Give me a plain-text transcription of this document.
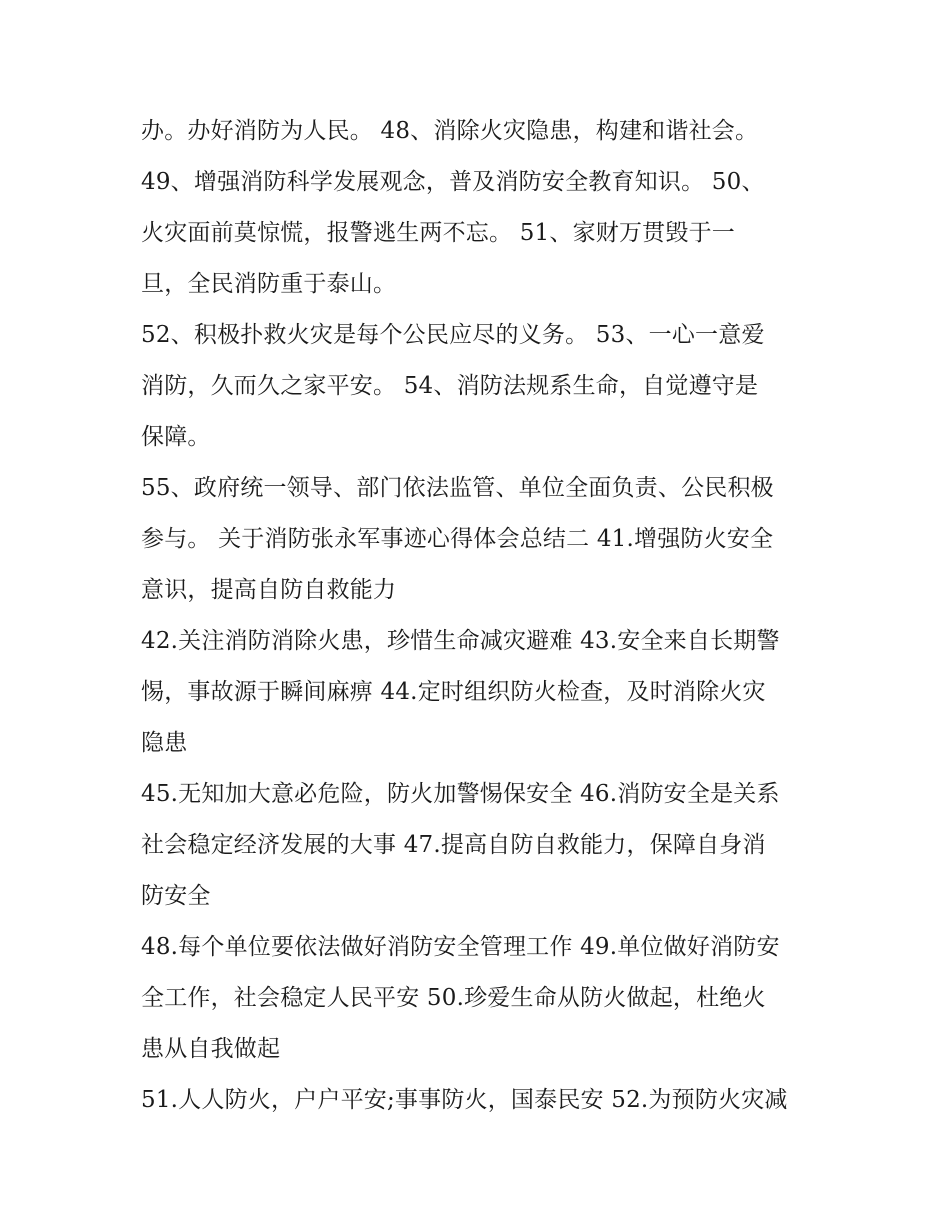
办。办好消防为人民。 48、消除火灾隐患，构建和谐社会。
49、增强消防科学发展观念，普及消防安全教育知识。 50、
火灾面前莫惊慌，报警逃生两不忘。 51、家财万贯毁于一
旦，全民消防重于泰山。
52、积极扑救火灾是每个公民应尽的义务。 53、一心一意爱
消防，久而久之家平安。 54、消防法规系生命，自觉遵守是
保障。
55、政府统一领导、部门依法监管、单位全面负责、公民积极
参与。 关于消防张永军事迹心得体会总结二 41.增强防火安全
意识，提高自防自救能力
42.关注消防消除火患，珍惜生命减灾避难 43.安全来自长期警
惕，事故源于瞬间麻痹 44.定时组织防火检查，及时消除火灾
隐患
45.无知加大意必危险，防火加警惕保安全 46.消防安全是关系
社会稳定经济发展的大事 47.提高自防自救能力，保障自身消
防安全
48.每个单位要依法做好消防安全管理工作 49.单位做好消防安
全工作，社会稳定人民平安 50.珍爱生命从防火做起，杜绝火
患从自我做起
51.人人防火，户户平安;事事防火，国泰民安 52.为预防火灾减
